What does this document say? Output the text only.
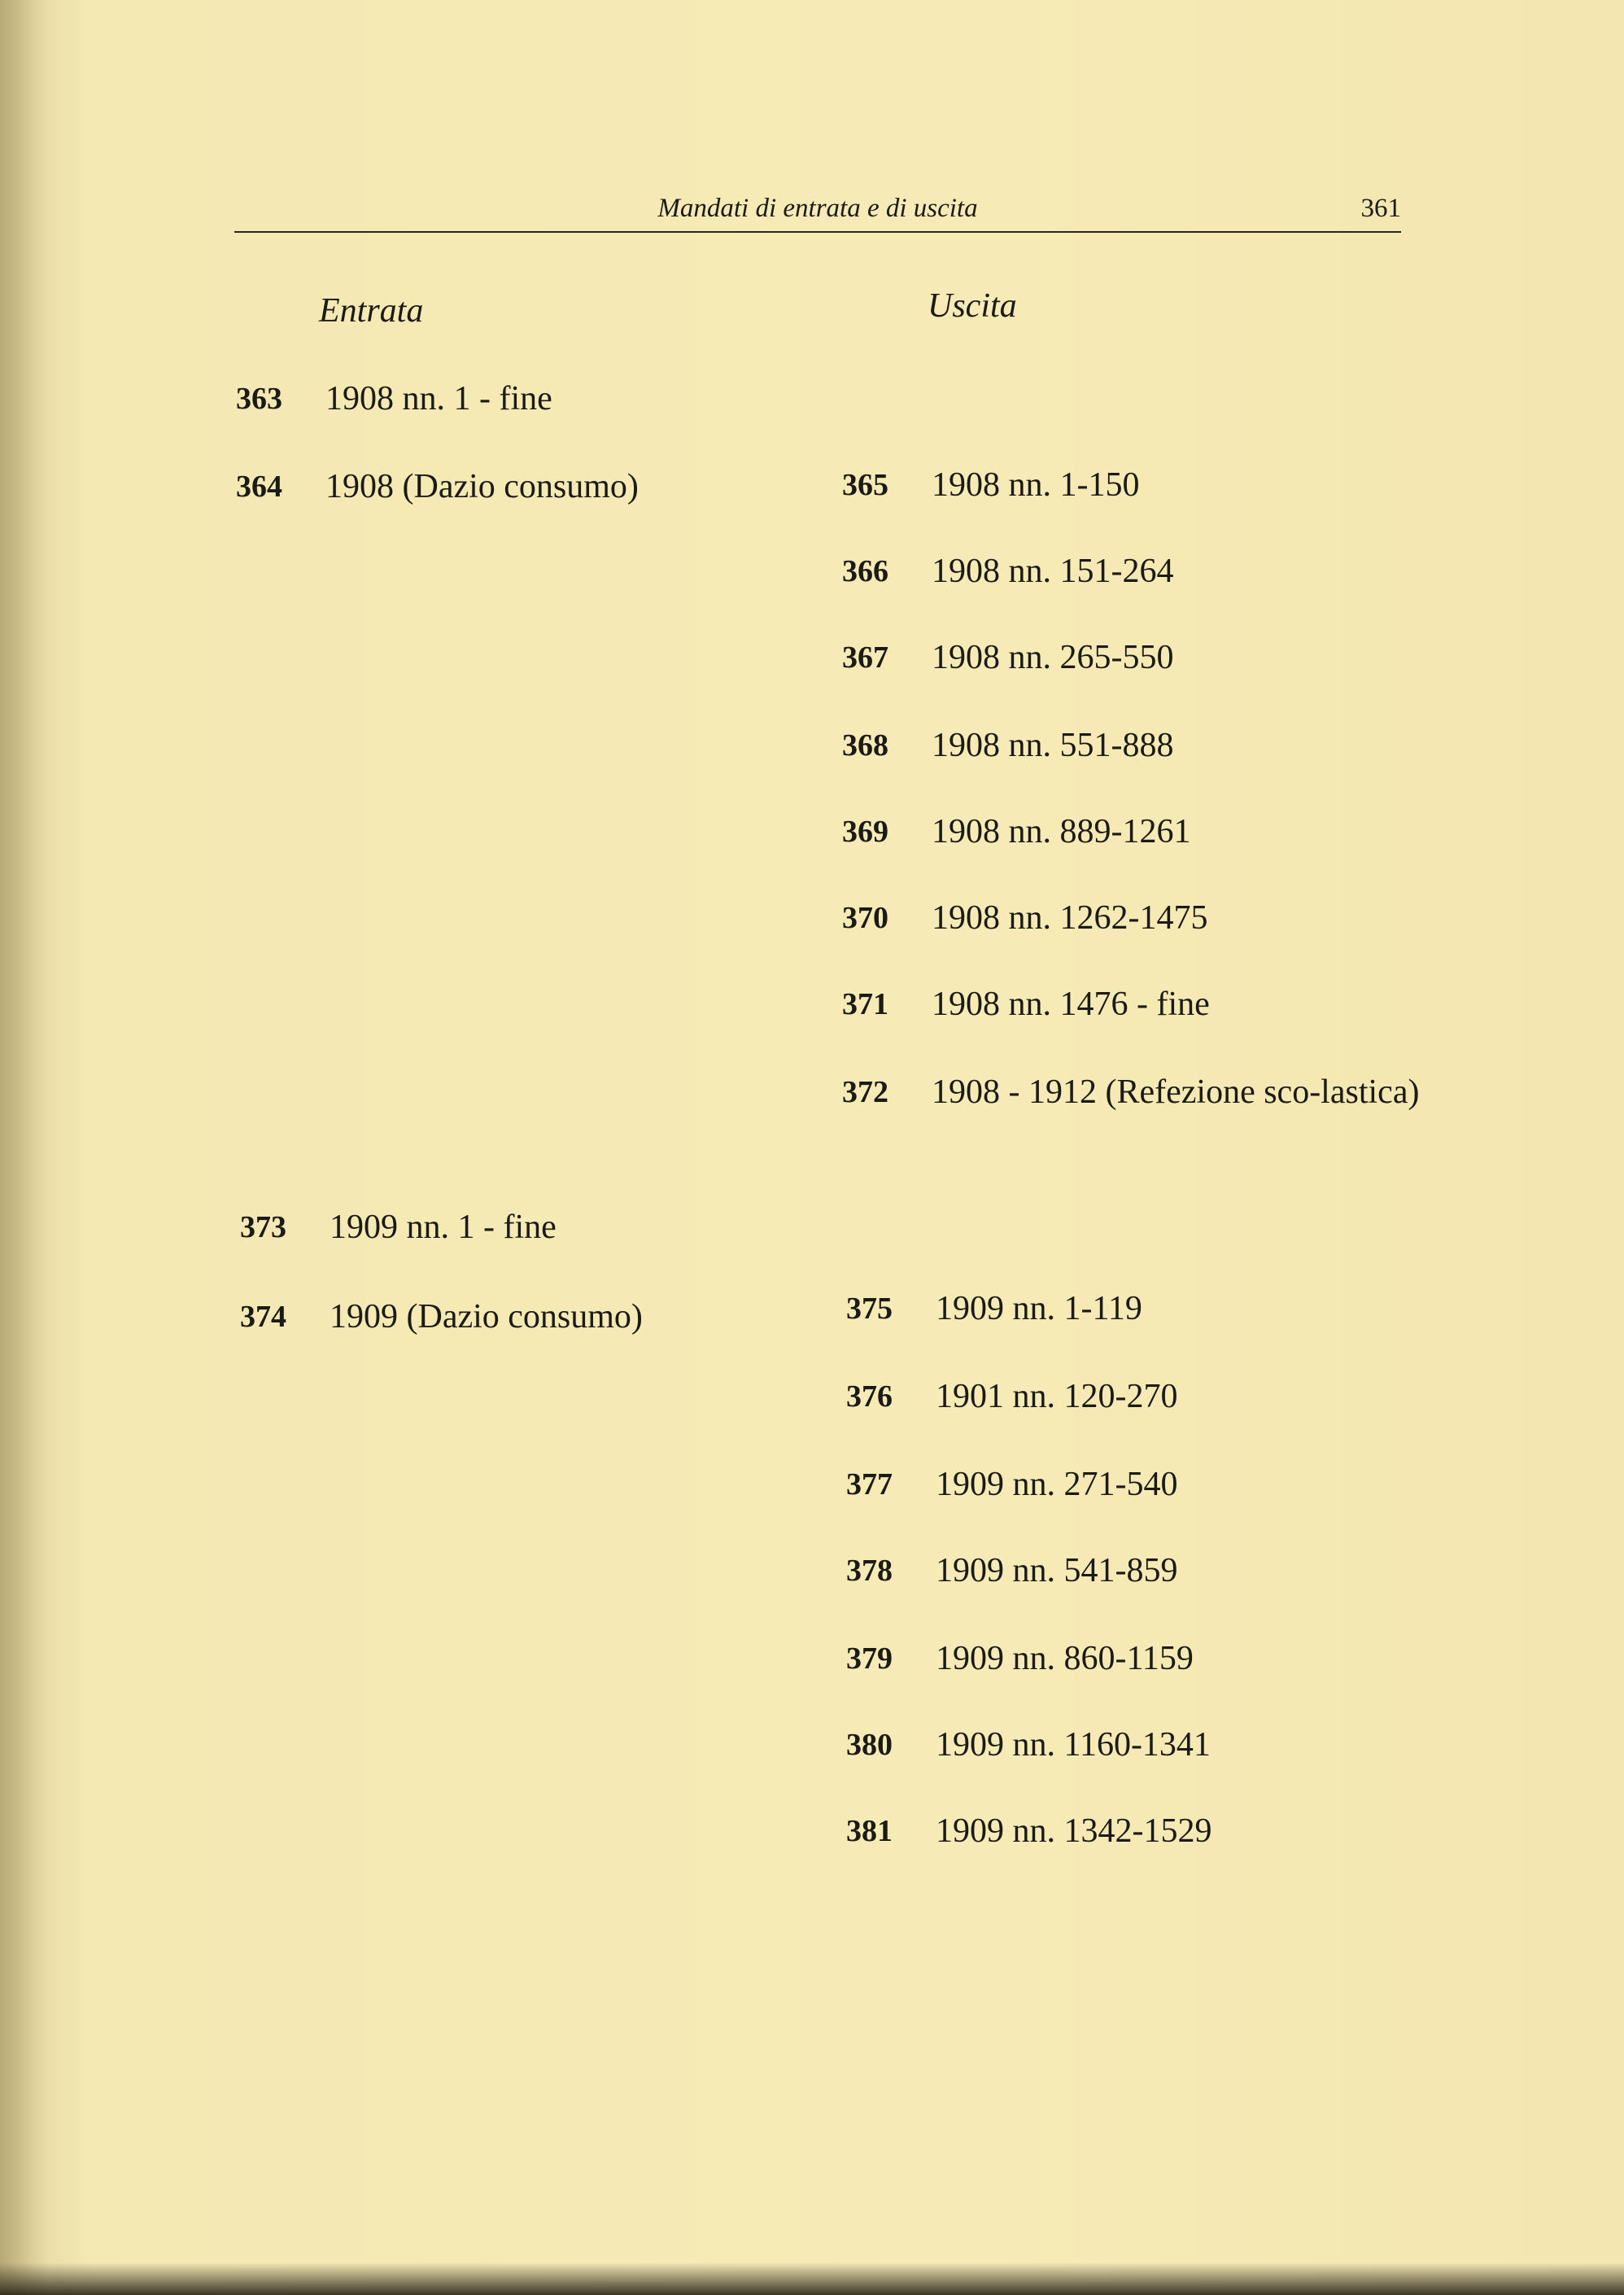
Mandati di entrata e di uscita	361
Entrata	Uscita
363 1908 nn. 1 - fine
364 1908 (Dazio consumo)
373 1909 nn. 1 - fine
374 1909 (Dazio consumo)
365 1908 nn. 1-150
366 1908 nn. 151-264
367 1908 nn. 265-550
368 1908 nn. 551-888
369 1908 nn. 889-1261
370 1908 nn. 1262-1475
371 1908 nn. 1476 - fine
372 1908 - 1912 (Refezione sco-lastica)
375 1909 nn. 1-119
376 1901 nn. 120-270
377 1909 nn. 271-540
378 1909 nn. 541-859
379 1909 nn. 860-1159
380 1909 nn. 1160-1341
381 1909 nn. 1342-1529
